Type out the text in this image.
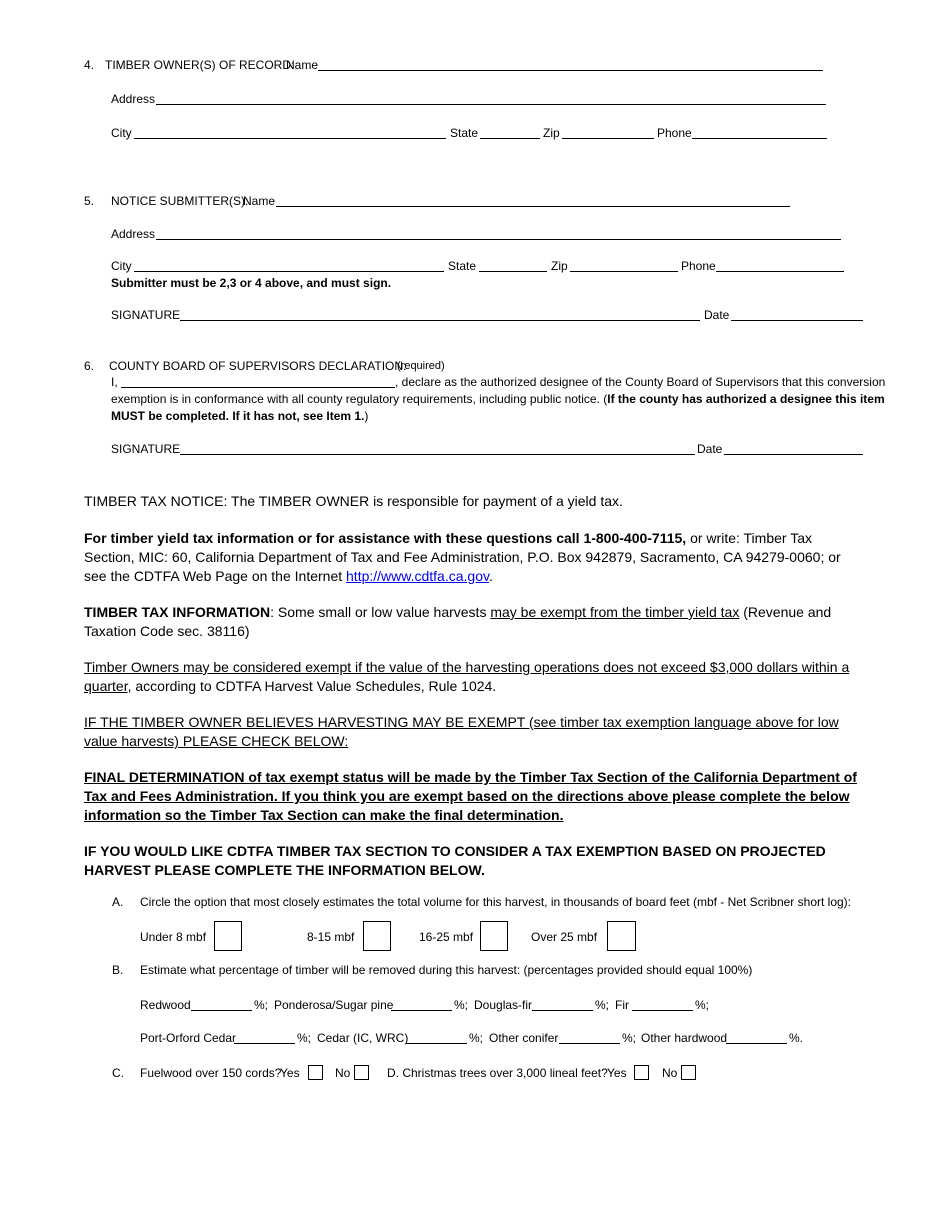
4. TIMBER OWNER(S) OF RECORD:
Name
Address
City	State	Zip	Phone
5. NOTICE SUBMITTER(S):
Name
Address
City	State	Zip	Phone
Submitter must be 2,3 or 4 above, and must sign.
SIGNATURE	Date
6. COUNTY BOARD OF SUPERVISORS DECLARATION:
(required)
I,	, declare as the authorized designee of the County Board of Supervisors that this conversion
exemption is in conformance with all county regulatory requirements, including public notice. (If the county has authorized a designee this item
MUST be completed. If it has not, see Item 1.)
SIGNATURE	Date
TIMBER TAX NOTICE: The TIMBER OWNER is responsible for payment of a yield tax.
For timber yield tax information or for assistance with these questions call 1-800-400-7115, or write: Timber Tax Section, MIC: 60, California Department of Tax and Fee Administration, P.O. Box 942879, Sacramento, CA 94279-0060; or see the CDTFA Web Page on the Internet http://www.cdtfa.ca.gov.
TIMBER TAX INFORMATION: Some small or low value harvests may be exempt from the timber yield tax (Revenue and Taxation Code sec. 38116)
Timber Owners may be considered exempt if the value of the harvesting operations does not exceed $3,000 dollars within a quarter, according to CDTFA Harvest Value Schedules, Rule 1024.
IF THE TIMBER OWNER BELIEVES HARVESTING MAY BE EXEMPT (see timber tax exemption language above for low value harvests) PLEASE CHECK BELOW:
FINAL DETERMINATION of tax exempt status will be made by the Timber Tax Section of the California Department of Tax and Fees Administration. If you think you are exempt based on the directions above please complete the below information so the Timber Tax Section can make the final determination.
IF YOU WOULD LIKE CDTFA TIMBER TAX SECTION TO CONSIDER A TAX EXEMPTION BASED ON PROJECTED HARVEST PLEASE COMPLETE THE INFORMATION BELOW.
A. Circle the option that most closely estimates the total volume for this harvest, in thousands of board feet (mbf - Net Scribner short log):
Under 8 mbf	8-15 mbf	16-25 mbf	Over 25 mbf
B. Estimate what percentage of timber will be removed during this harvest: (percentages provided should equal 100%)
Redwood	%; Ponderosa/Sugar pine	%; Douglas-fir	%; Fir	%;
Port-Orford Cedar	%; Cedar (IC, WRC)	%; Other conifer	%; Other hardwood	%.
C. Fuelwood over 150 cords?
Yes	No	D. Christmas trees over 3,000 lineal feet? Yes	No
